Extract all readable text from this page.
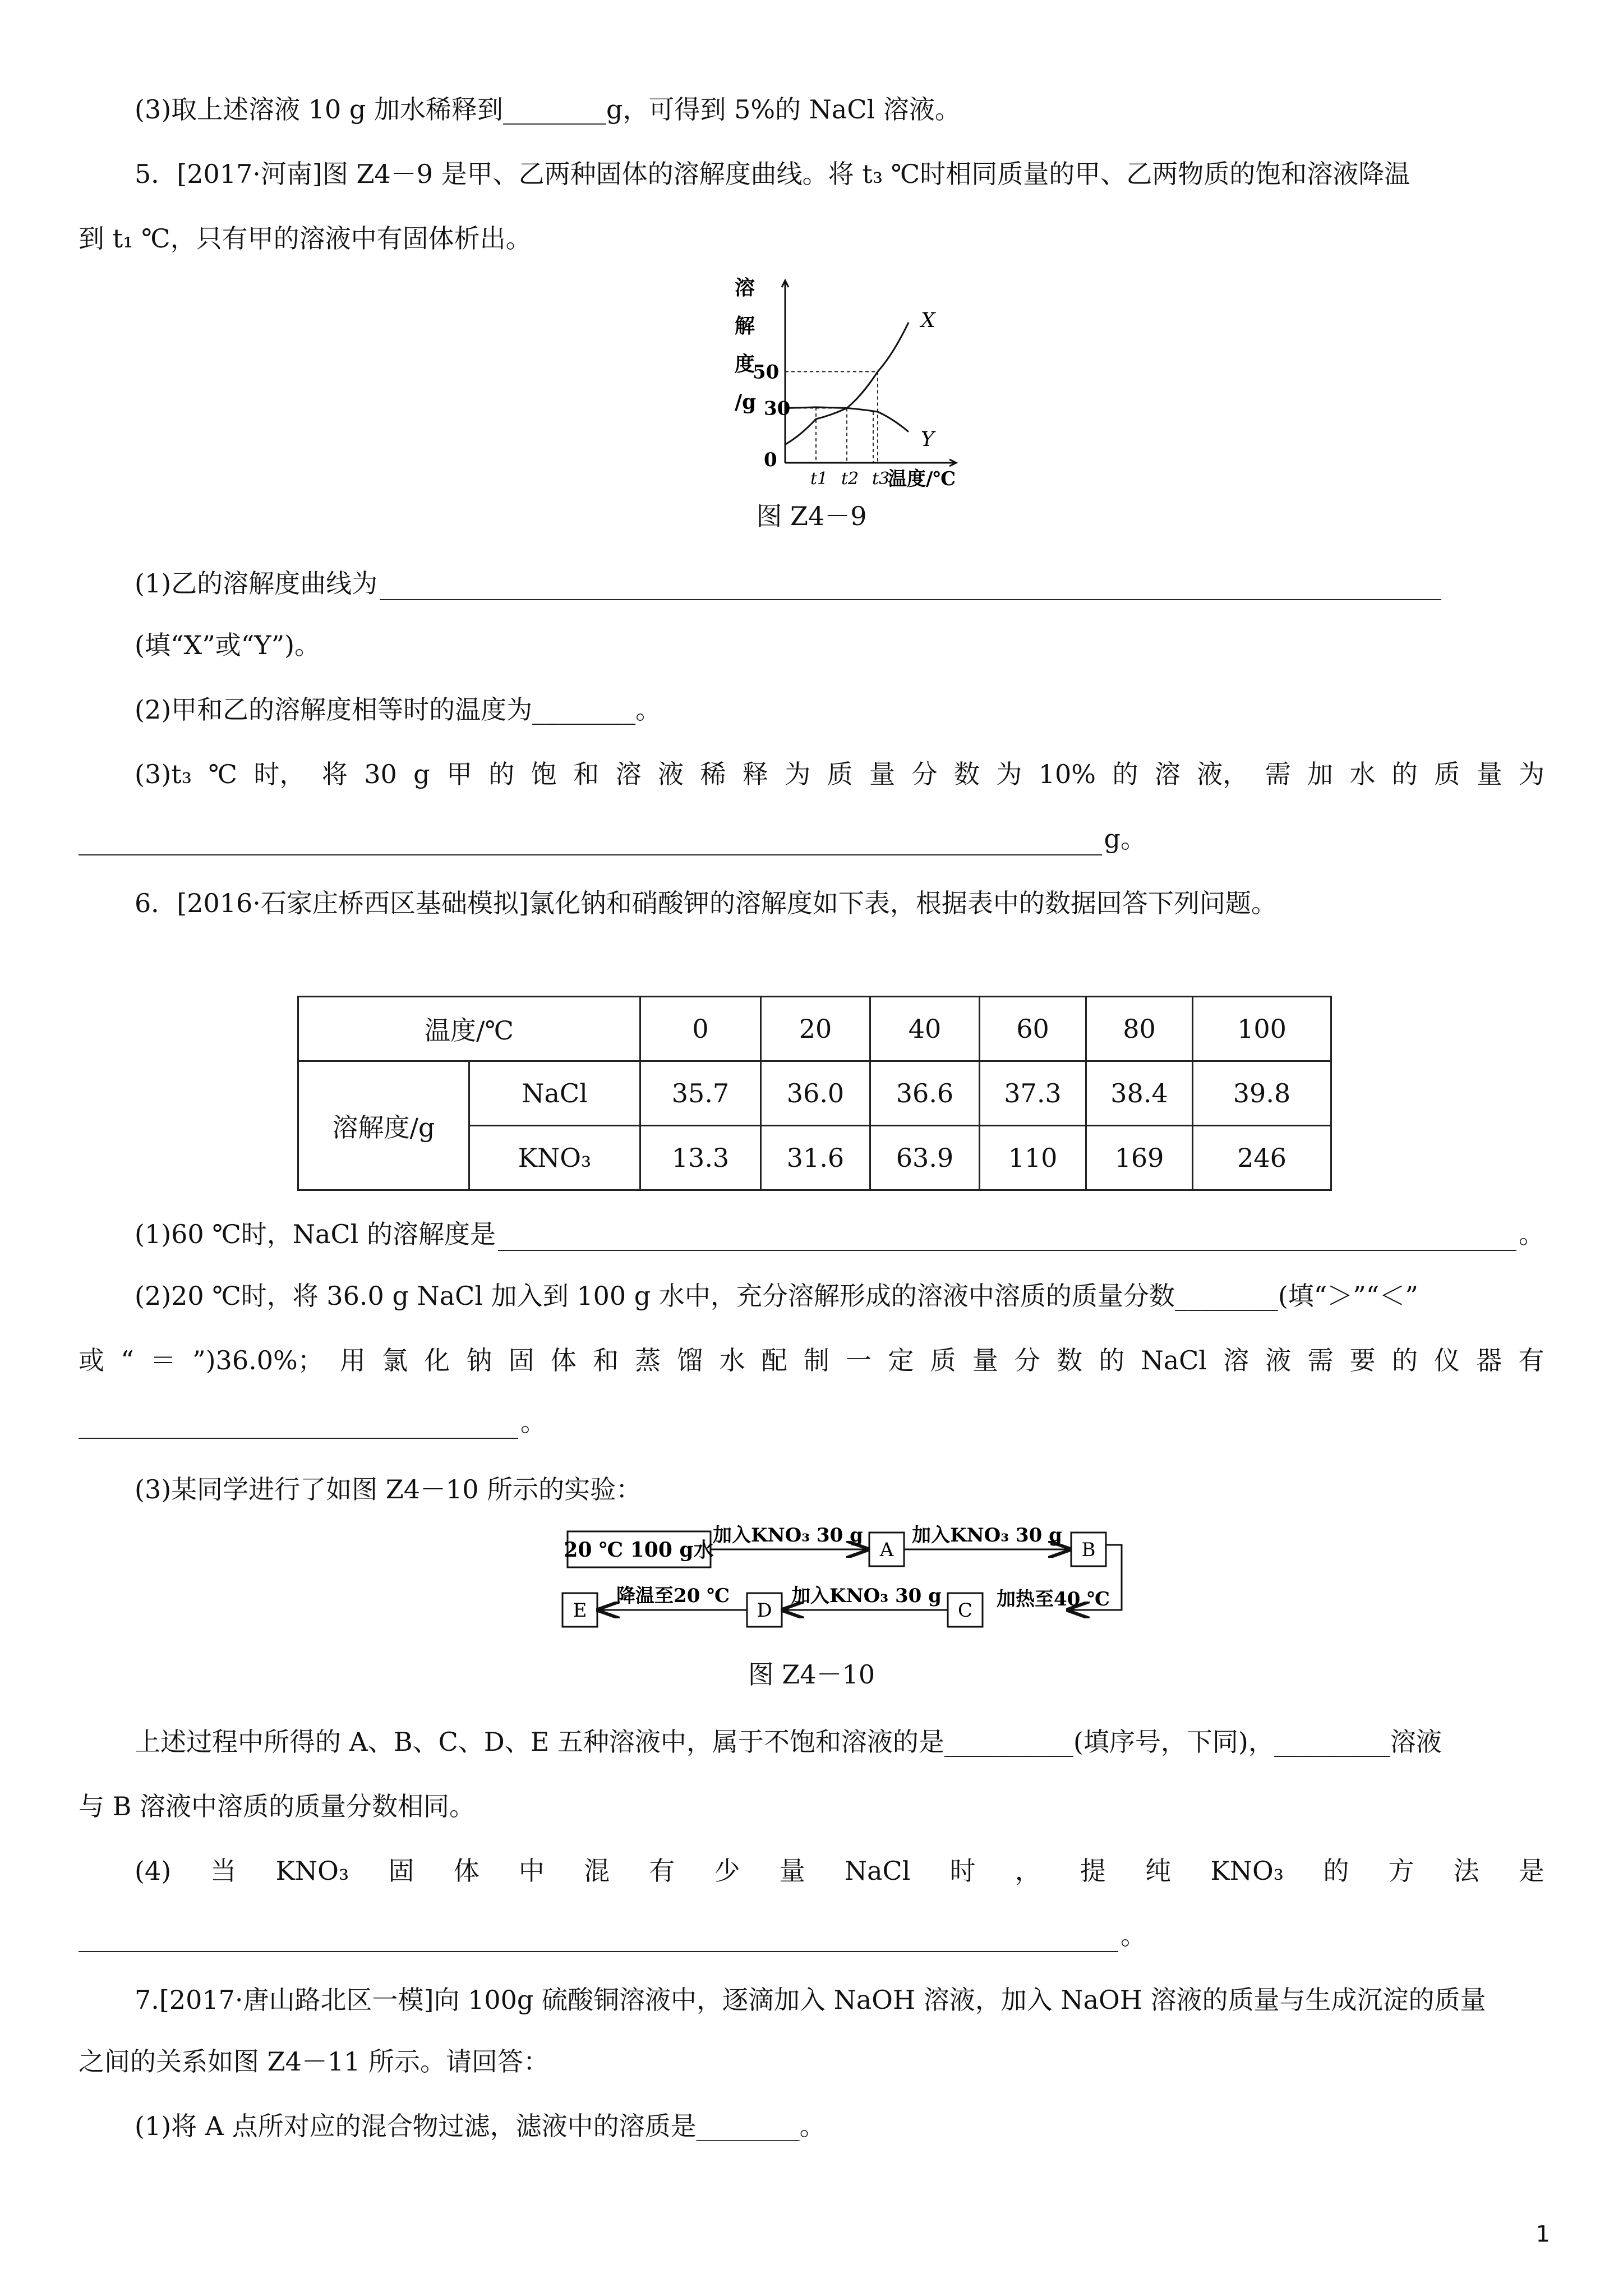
(3)取上述溶液 10 g 加水稀释到________g，可得到 5%的 NaCl 溶液。
5．[2017·河南]图 Z4－9 是甲、乙两种固体的溶解度曲线。将 t₃ ℃时相同质量的甲、乙两物质的饱和溶液降温
到 t₁ ℃，只有甲的溶液中有固体析出。
X
Y
溶
解
度
/g
50
30
0
t1 t2 t3
温度/℃
图 Z4－9
(1)乙的溶解度曲线为
(填“X”或“Y”)。
(2)甲和乙的溶解度相等时的温度为________。
(3)t₃ ℃ 时， 将 30 g 甲 的 饱 和 溶 液 稀 释 为 质 量 分 数 为 10% 的 溶 液， 需 加 水 的 质 量 为
g。
6．[2016·石家庄桥西区基础模拟]氯化钠和硝酸钾的溶解度如下表，根据表中的数据回答下列问题。
温度/℃		0	20	40	60	80	100
溶解度/g	NaCl	35.7	36.0	36.6	37.3	38.4	39.8
	KNO₃	13.3	31.6	63.9	110	169	246
(1)60 ℃时，NaCl 的溶解度是	。
(2)20 ℃时，将 36.0 g NaCl 加入到 100 g 水中，充分溶解形成的溶液中溶质的质量分数________(填“＞”“＜”
或 “ ＝ ”)36.0%； 用 氯 化 钠 固 体 和 蒸 馏 水 配 制 一 定 质 量 分 数 的 NaCl 溶 液 需 要 的 仪 器 有
。
(3)某同学进行了如图 Z4－10 所示的实验：
20 ℃ 100 g水
加入KNO₃ 30 g
A
加入KNO₃ 30 g
B
加热至40 ℃
C
加入KNO₃ 30 g
D
降温至20 ℃
E
图 Z4－10
上述过程中所得的 A、B、C、D、E 五种溶液中，属于不饱和溶液的是__________(填序号，下同)，_________溶液
与 B 溶液中溶质的质量分数相同。
(4) 当 KNO₃ 固 体 中 混 有 少 量 NaCl 时 ， 提 纯 KNO₃ 的 方 法 是
。
7.[2017·唐山路北区一模]向 100g 硫酸铜溶液中，逐滴加入 NaOH 溶液，加入 NaOH 溶液的质量与生成沉淀的质量
之间的关系如图 Z4－11 所示。请回答：
(1)将 A 点所对应的混合物过滤，滤液中的溶质是________。
1
